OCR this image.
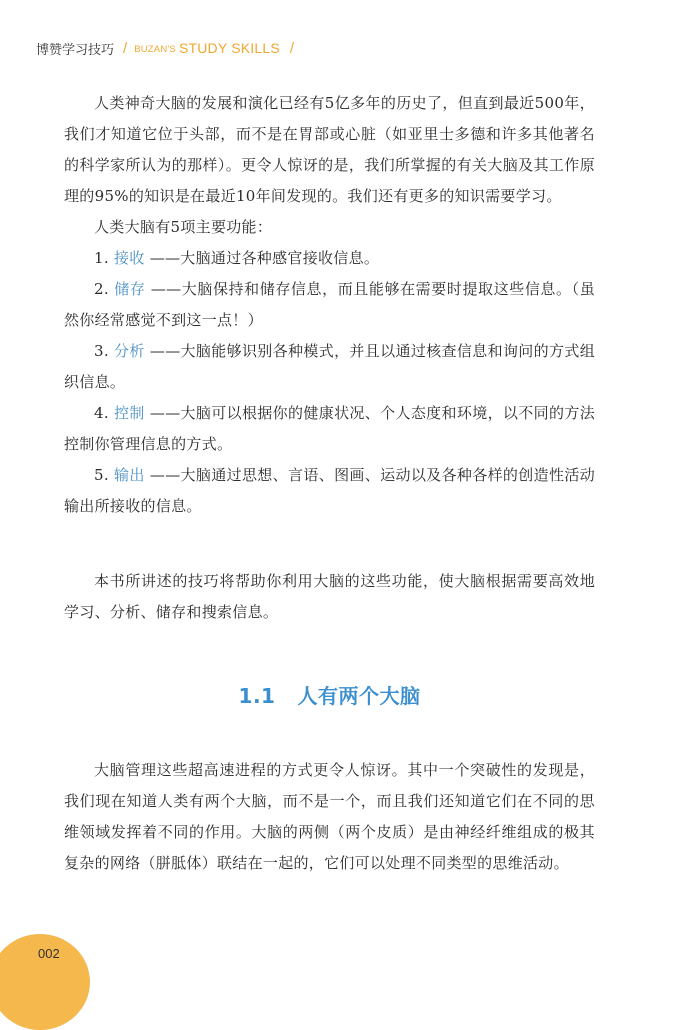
博赞学习技巧 / BUZAN'S STUDY SKILLS /

人类神奇大脑的发展和演化已经有5亿多年的历史了，但直到最近500年，我们才知道它位于头部，而不是在胃部或心脏（如亚里士多德和许多其他著名的科学家所认为的那样）。更令人惊讶的是，我们所掌握的有关大脑及其工作原理的95%的知识是在最近10年间发现的。我们还有更多的知识需要学习。

人类大脑有5项主要功能：

1. 接收 ——大脑通过各种感官接收信息。

2. 储存 ——大脑保持和储存信息，而且能够在需要时提取这些信息。（虽然你经常感觉不到这一点！）

3. 分析 ——大脑能够识别各种模式，并且以通过核查信息和询问的方式组织信息。

4. 控制 ——大脑可以根据你的健康状况、个人态度和环境，以不同的方法控制你管理信息的方式。

5. 输出 ——大脑通过思想、言语、图画、运动以及各种各样的创造性活动输出所接收的信息。

本书所讲述的技巧将帮助你利用大脑的这些功能，使大脑根据需要高效地学习、分析、储存和搜索信息。

1.1 人有两个大脑

大脑管理这些超高速进程的方式更令人惊讶。其中一个突破性的发现是，我们现在知道人类有两个大脑，而不是一个，而且我们还知道它们在不同的思维领域发挥着不同的作用。大脑的两侧（两个皮质）是由神经纤维组成的极其复杂的网络（胼胝体）联结在一起的，它们可以处理不同类型的思维活动。

002
